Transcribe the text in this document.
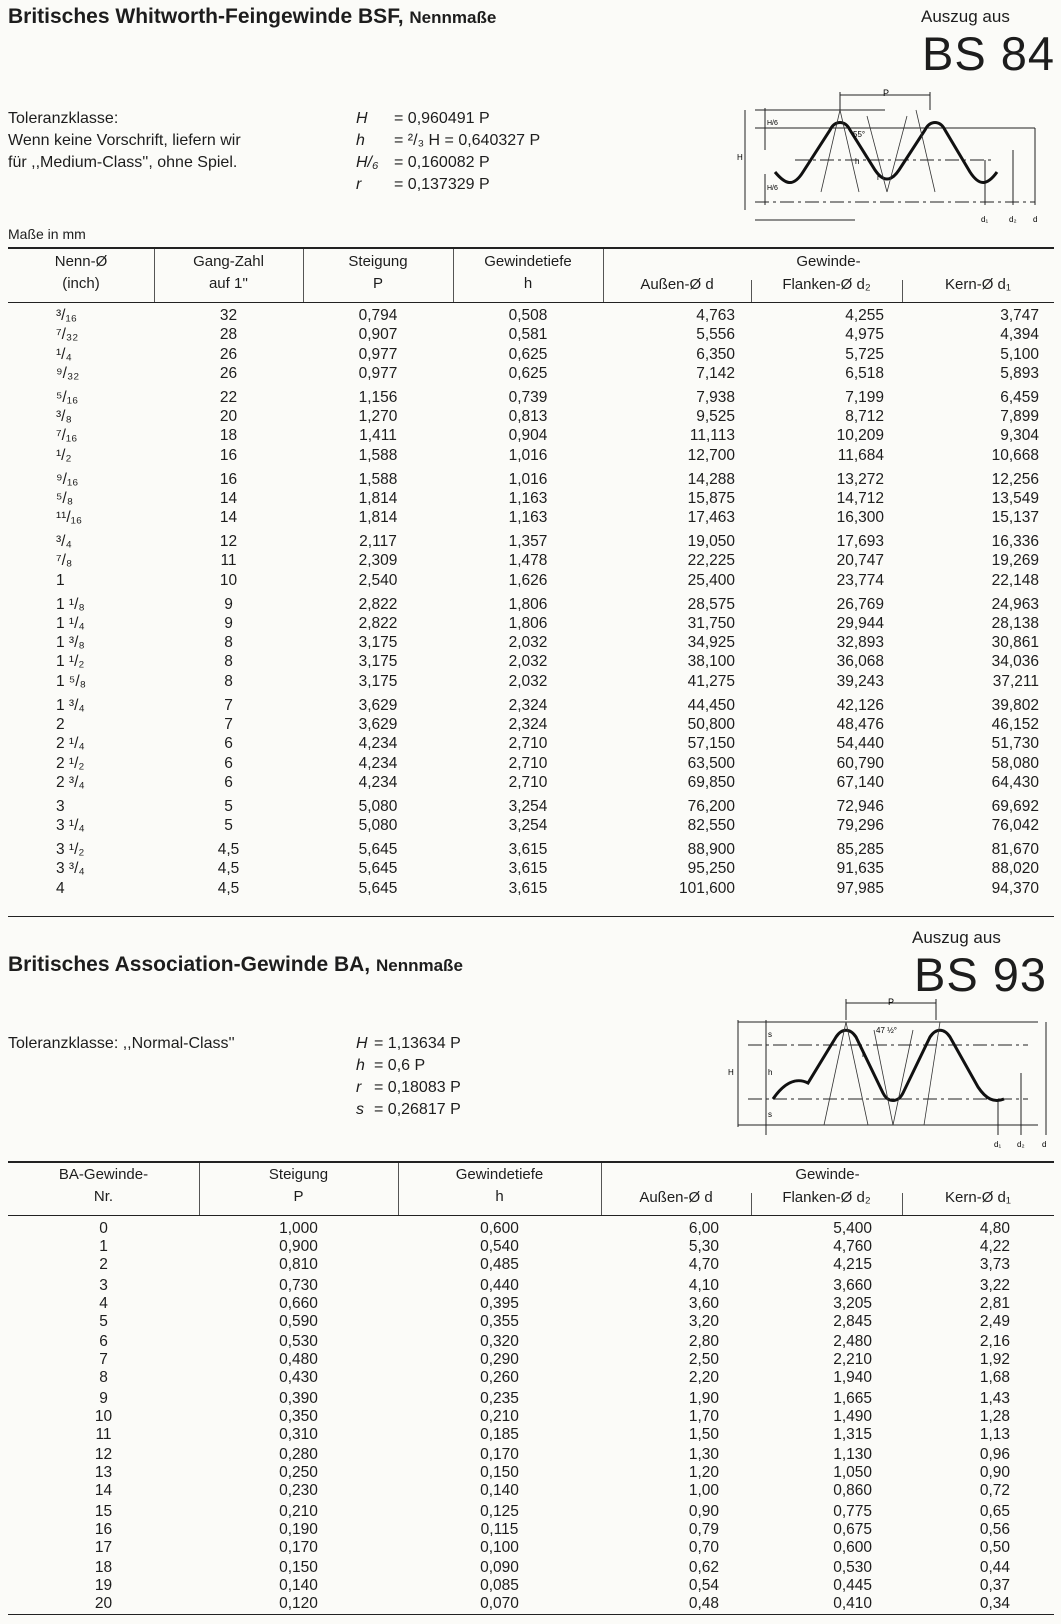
Britisches Whitworth-Feingewinde BSF, Nennmaße	Auszug aus
BS 84
Toleranzklasse:
Wenn keine Vorschrift, liefern wir
für ,,Medium-Class'', ohne Spiel.
H = 0,960491 P
h = ²/₃ H = 0,640327 P
H/₆ = 0,160082 P
r = 0,137329 P
P
55°
H
H/6
H/6
h
r
d₁	d₂ d
Maße in mm
Nenn-Ø
(inch)
Gang-Zahl
auf 1''
Steigung
P
Gewindetiefe
h
Gewinde-
Außen-Ø d	Flanken-Ø d₂	Kern-Ø d₁
³/₁₆	32	0,794	0,508	4,763	4,255	3,747
⁷/₃₂	28	0,907	0,581	5,556	4,975	4,394
¹/₄	26	0,977	0,625	6,350	5,725	5,100
⁹/₃₂	26	0,977	0,625	7,142	6,518	5,893
⁵/₁₆	22	1,156	0,739	7,938	7,199	6,459
³/₈	20	1,270	0,813	9,525	8,712	7,899
⁷/₁₆	18	1,411	0,904	11,113	10,209	9,304
¹/₂	16	1,588	1,016	12,700	11,684	10,668
⁹/₁₆	16	1,588	1,016	14,288	13,272	12,256
⁵/₈	14	1,814	1,163	15,875	14,712	13,549
¹¹/₁₆	14	1,814	1,163	17,463	16,300	15,137
³/₄	12	2,117	1,357	19,050	17,693	16,336
⁷/₈	11	2,309	1,478	22,225	20,747	19,269
1	10	2,540	1,626	25,400	23,774	22,148
1 ¹/₈	9	2,822	1,806	28,575	26,769	24,963
1 ¹/₄	9	2,822	1,806	31,750	29,944	28,138
1 ³/₈	8	3,175	2,032	34,925	32,893	30,861
1 ¹/₂	8	3,175	2,032	38,100	36,068	34,036
1 ⁵/₈	8	3,175	2,032	41,275	39,243	37,211
1 ³/₄	7	3,629	2,324	44,450	42,126	39,802
2	7	3,629	2,324	50,800	48,476	46,152
2 ¹/₄	6	4,234	2,710	57,150	54,440	51,730
2 ¹/₂	6	4,234	2,710	63,500	60,790	58,080
2 ³/₄	6	4,234	2,710	69,850	67,140	64,430
3	5	5,080	3,254	76,200	72,946	69,692
3 ¹/₄	5	5,080	3,254	82,550	79,296	76,042
3 ¹/₂	4,5	5,645	3,615	88,900	85,285	81,670
3 ³/₄	4,5	5,645	3,615	95,250	91,635	88,020
4	4,5	5,645	3,615	101,600	97,985	94,370
Britisches Association-Gewinde BA, Nennmaße
Auszug aus
BS 93
Toleranzklasse: ,,Normal-Class''	H = 1,13634 P
h = 0,6 P
r = 0,18083 P
s = 0,26817 P
P
47 ½°
H
s
s
h
r
d₁ d₂ d
BA-Gewinde-
Nr.
Steigung
P
Gewindetiefe
h
Gewinde-
Außen-Ø d	Flanken-Ø d₂	Kern-Ø d₁
0	1,000	0,600	6,00	5,400	4,80
1	0,900	0,540	5,30	4,760	4,22
2	0,810	0,485	4,70	4,215	3,73
3	0,730	0,440	4,10	3,660	3,22
4	0,660	0,395	3,60	3,205	2,81
5	0,590	0,355	3,20	2,845	2,49
6	0,530	0,320	2,80	2,480	2,16
7	0,480	0,290	2,50	2,210	1,92
8	0,430	0,260	2,20	1,940	1,68
9	0,390	0,235	1,90	1,665	1,43
10	0,350	0,210	1,70	1,490	1,28
11	0,310	0,185	1,50	1,315	1,13
12	0,280	0,170	1,30	1,130	0,96
13	0,250	0,150	1,20	1,050	0,90
14	0,230	0,140	1,00	0,860	0,72
15	0,210	0,125	0,90	0,775	0,65
16	0,190	0,115	0,79	0,675	0,56
17	0,170	0,100	0,70	0,600	0,50
18	0,150	0,090	0,62	0,530	0,44
19	0,140	0,085	0,54	0,445	0,37
20	0,120	0,070	0,48	0,410	0,34
